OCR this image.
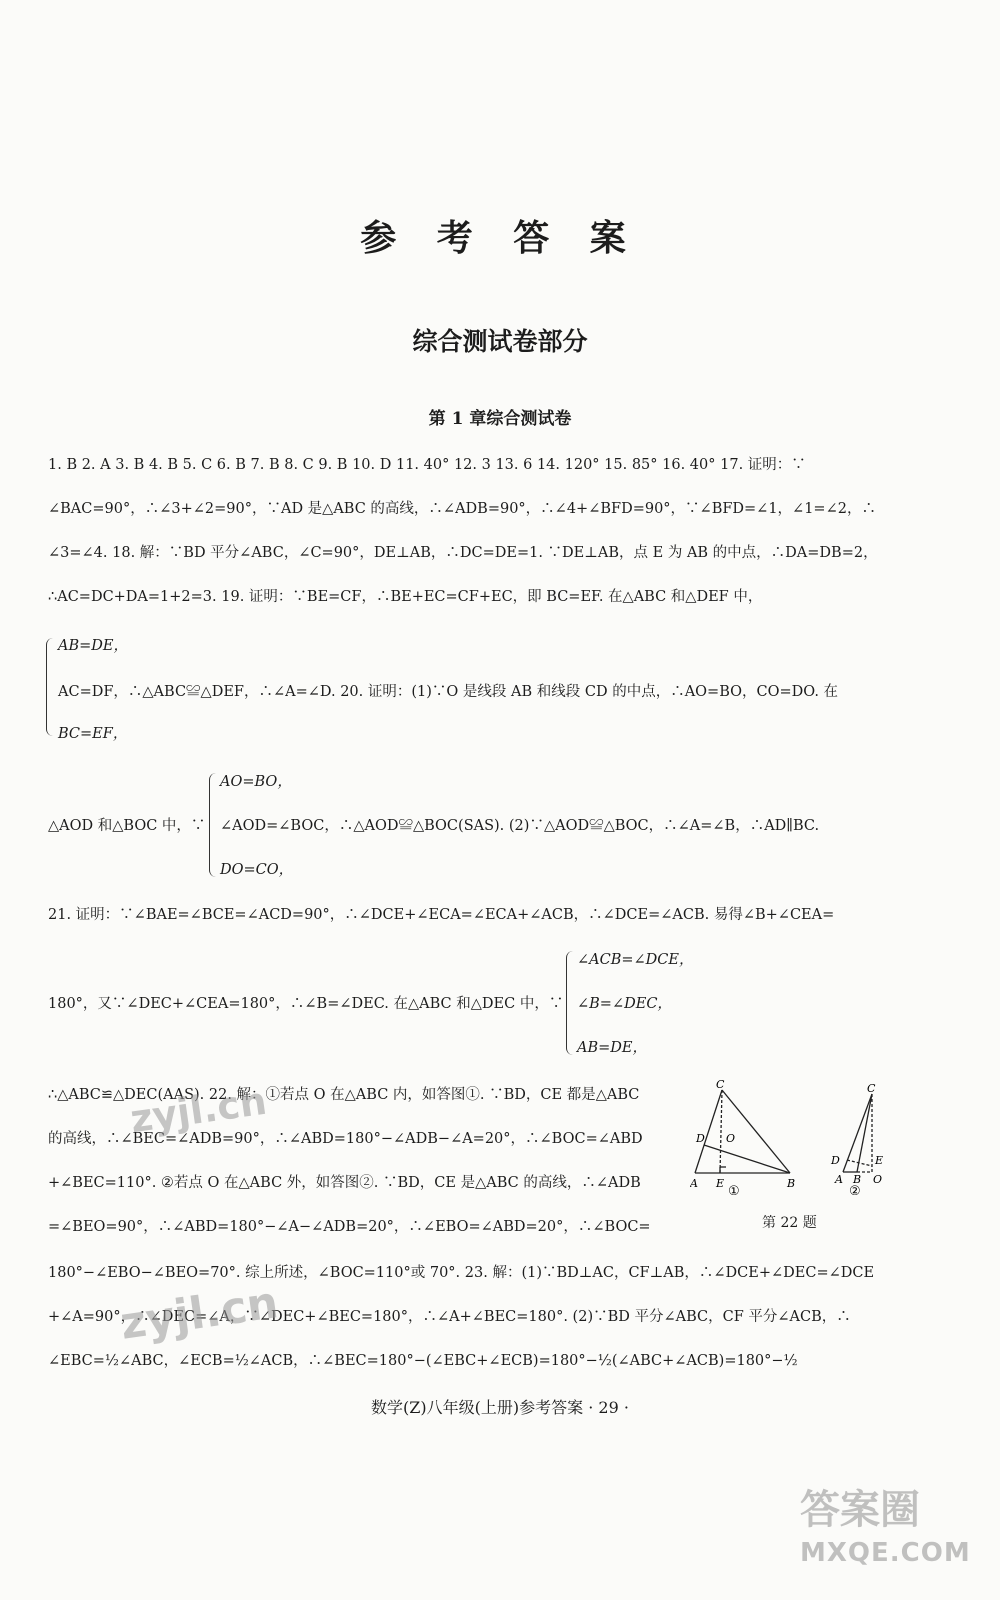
参 考 答 案
综合测试卷部分
第 1 章综合测试卷
1. B 2. A 3. B 4. B 5. C 6. B 7. B 8. C 9. B 10. D 11. 40° 12. 3 13. 6 14. 120° 15. 85° 16. 40° 17. 证明：∵
∠BAC=90°，∴∠3+∠2=90°，∵AD 是△ABC 的高线，∴∠ADB=90°，∴∠4+∠BFD=90°，∵∠BFD=∠1，∠1=∠2，∴
∠3=∠4. 18. 解：∵BD 平分∠ABC，∠C=90°，DE⊥AB，∴DC=DE=1. ∵DE⊥AB，点 E 为 AB 的中点，∴DA=DB=2，
∴AC=DC+DA=1+2=3. 19. 证明：∵BE=CF，∴BE+EC=CF+EC，即 BC=EF. 在△ABC 和△DEF 中，
AB=DE，
AC=DF，∴△ABC≌△DEF，∴∠A=∠D. 20. 证明：(1)∵O 是线段 AB 和线段 CD 的中点，∴AO=BO，CO=DO. 在
BC=EF，
△AOD 和△BOC 中，∵
AO=BO，
∠AOD=∠BOC，∴△AOD≌△BOC(SAS). (2)∵△AOD≌△BOC，∴∠A=∠B，∴AD∥BC.
DO=CO，
21. 证明：∵∠BAE=∠BCE=∠ACD=90°，∴∠DCE+∠ECA=∠ECA+∠ACB，∴∠DCE=∠ACB. 易得∠B+∠CEA=
180°，又∵∠DEC+∠CEA=180°，∴∠B=∠DEC. 在△ABC 和△DEC 中，∵
∠ACB=∠DCE，
∠B=∠DEC，
AB=DE，
∴△ABC≌△DEC(AAS). 22. 解：①若点 O 在△ABC 内，如答图①. ∵BD，CE 都是△ABC
的高线，∴∠BEC=∠ADB=90°，∴∠ABD=180°−∠ADB−∠A=20°，∴∠BOC=∠ABD
+∠BEC=110°. ②若点 O 在△ABC 外，如答图②. ∵BD，CE 是△ABC 的高线，∴∠ADB
=∠BEO=90°，∴∠ABD=180°−∠A−∠ADB=20°，∴∠EBO=∠ABD=20°，∴∠BOC=
180°−∠EBO−∠BEO=70°. 综上所述，∠BOC=110°或 70°. 23. 解：(1)∵BD⊥AC，CF⊥AB，∴∠DCE+∠DEC=∠DCE
+∠A=90°，∴∠DEC=∠A，∵∠DEC+∠BEC=180°，∴∠A+∠BEC=180°. (2)∵BD 平分∠ABC，CF 平分∠ACB，∴
∠EBC=½∠ABC，∠ECB=½∠ACB，∴∠BEC=180°−(∠EBC+∠ECB)=180°−½(∠ABC+∠ACB)=180°−½
C
D O
A E	B
①
C
D	E
A B O
②
第 22 题
数学(Z)八年级(上册)参考答案 · 29 ·
zyjl.cn
zyjl.cn
答案圈
MXQE.COM
